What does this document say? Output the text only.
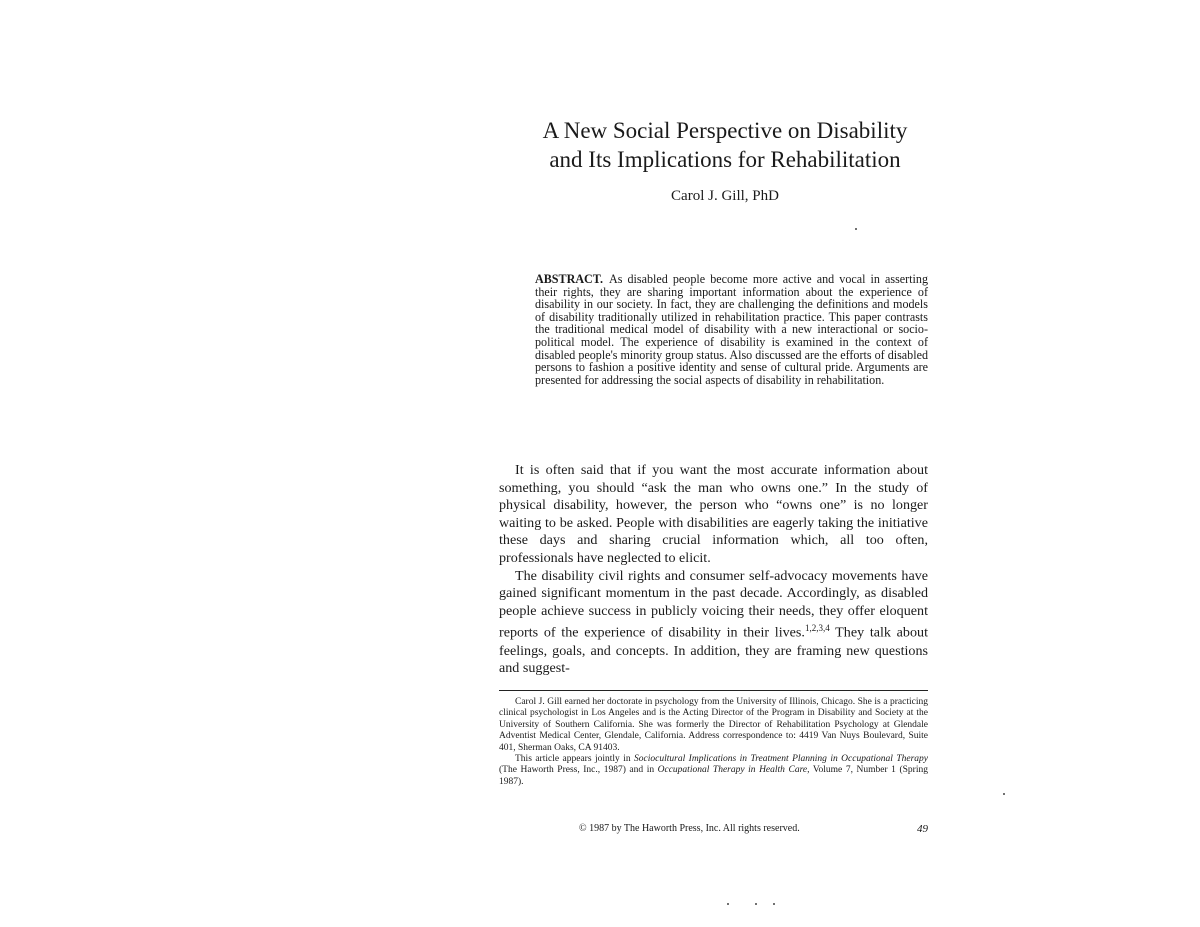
A New Social Perspective on Disability
and Its Implications for Rehabilitation
Carol J. Gill, PhD

ABSTRACT. As disabled people become more active and vocal in asserting their rights, they are sharing important information about the experience of disability in our society. In fact, they are challenging the definitions and models of disability traditionally utilized in rehabilitation practice. This paper contrasts the traditional medical model of disability with a new interactional or socio-political model. The experience of disability is examined in the context of disabled people's minority group status. Also discussed are the efforts of disabled persons to fashion a positive identity and sense of cultural pride. Arguments are presented for addressing the social aspects of disability in rehabilitation.

It is often said that if you want the most accurate information about something, you should “ask the man who owns one.” In the study of physical disability, however, the person who “owns one” is no longer waiting to be asked. People with disabilities are eagerly taking the initiative these days and sharing crucial information which, all too often, professionals have neglected to elicit.

The disability civil rights and consumer self-advocacy movements have gained significant momentum in the past decade. Accordingly, as disabled people achieve success in publicly voicing their needs, they offer eloquent reports of the experience of disability in their lives.$^{1,2,3,4}$ They talk about feelings, goals, and concepts. In addition, they are framing new questions and suggest-

Carol J. Gill earned her doctorate in psychology from the University of Illinois, Chicago. She is a practicing clinical psychologist in Los Angeles and is the Acting Director of the Program in Disability and Society at the University of Southern California. She was formerly the Director of Rehabilitation Psychology at Glendale Adventist Medical Center, Glendale, California. Address correspondence to: 4419 Van Nuys Boulevard, Suite 401, Sherman Oaks, CA 91403.

This article appears jointly in Sociocultural Implications in Treatment Planning in Occupational Therapy (The Haworth Press, Inc., 1987) and in Occupational Therapy in Health Care, Volume 7, Number 1 (Spring 1987).

© 1987 by The Haworth Press, Inc. All rights reserved.	49
